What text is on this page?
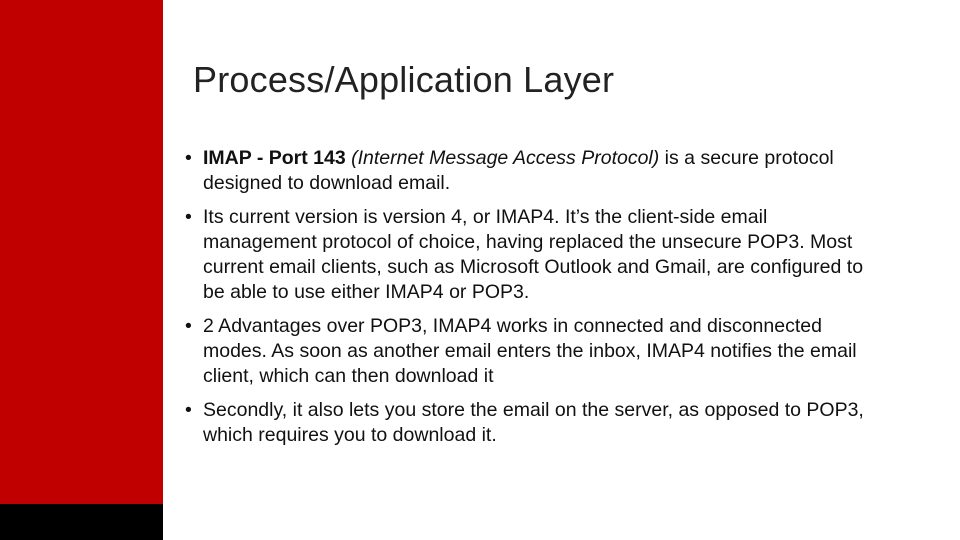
Process/Application Layer
• IMAP - Port 143 (Internet Message Access Protocol) is a secure protocol designed to download email.
• Its current version is version 4, or IMAP4. It’s the client-side email management protocol of choice, having replaced the unsecure POP3. Most current email clients, such as Microsoft Outlook and Gmail, are configured to be able to use either IMAP4 or POP3.
• 2 Advantages over POP3, IMAP4 works in connected and disconnected modes. As soon as another email enters the inbox, IMAP4 notifies the email client, which can then download it
• Secondly, it also lets you store the email on the server, as opposed to POP3, which requires you to download it.
